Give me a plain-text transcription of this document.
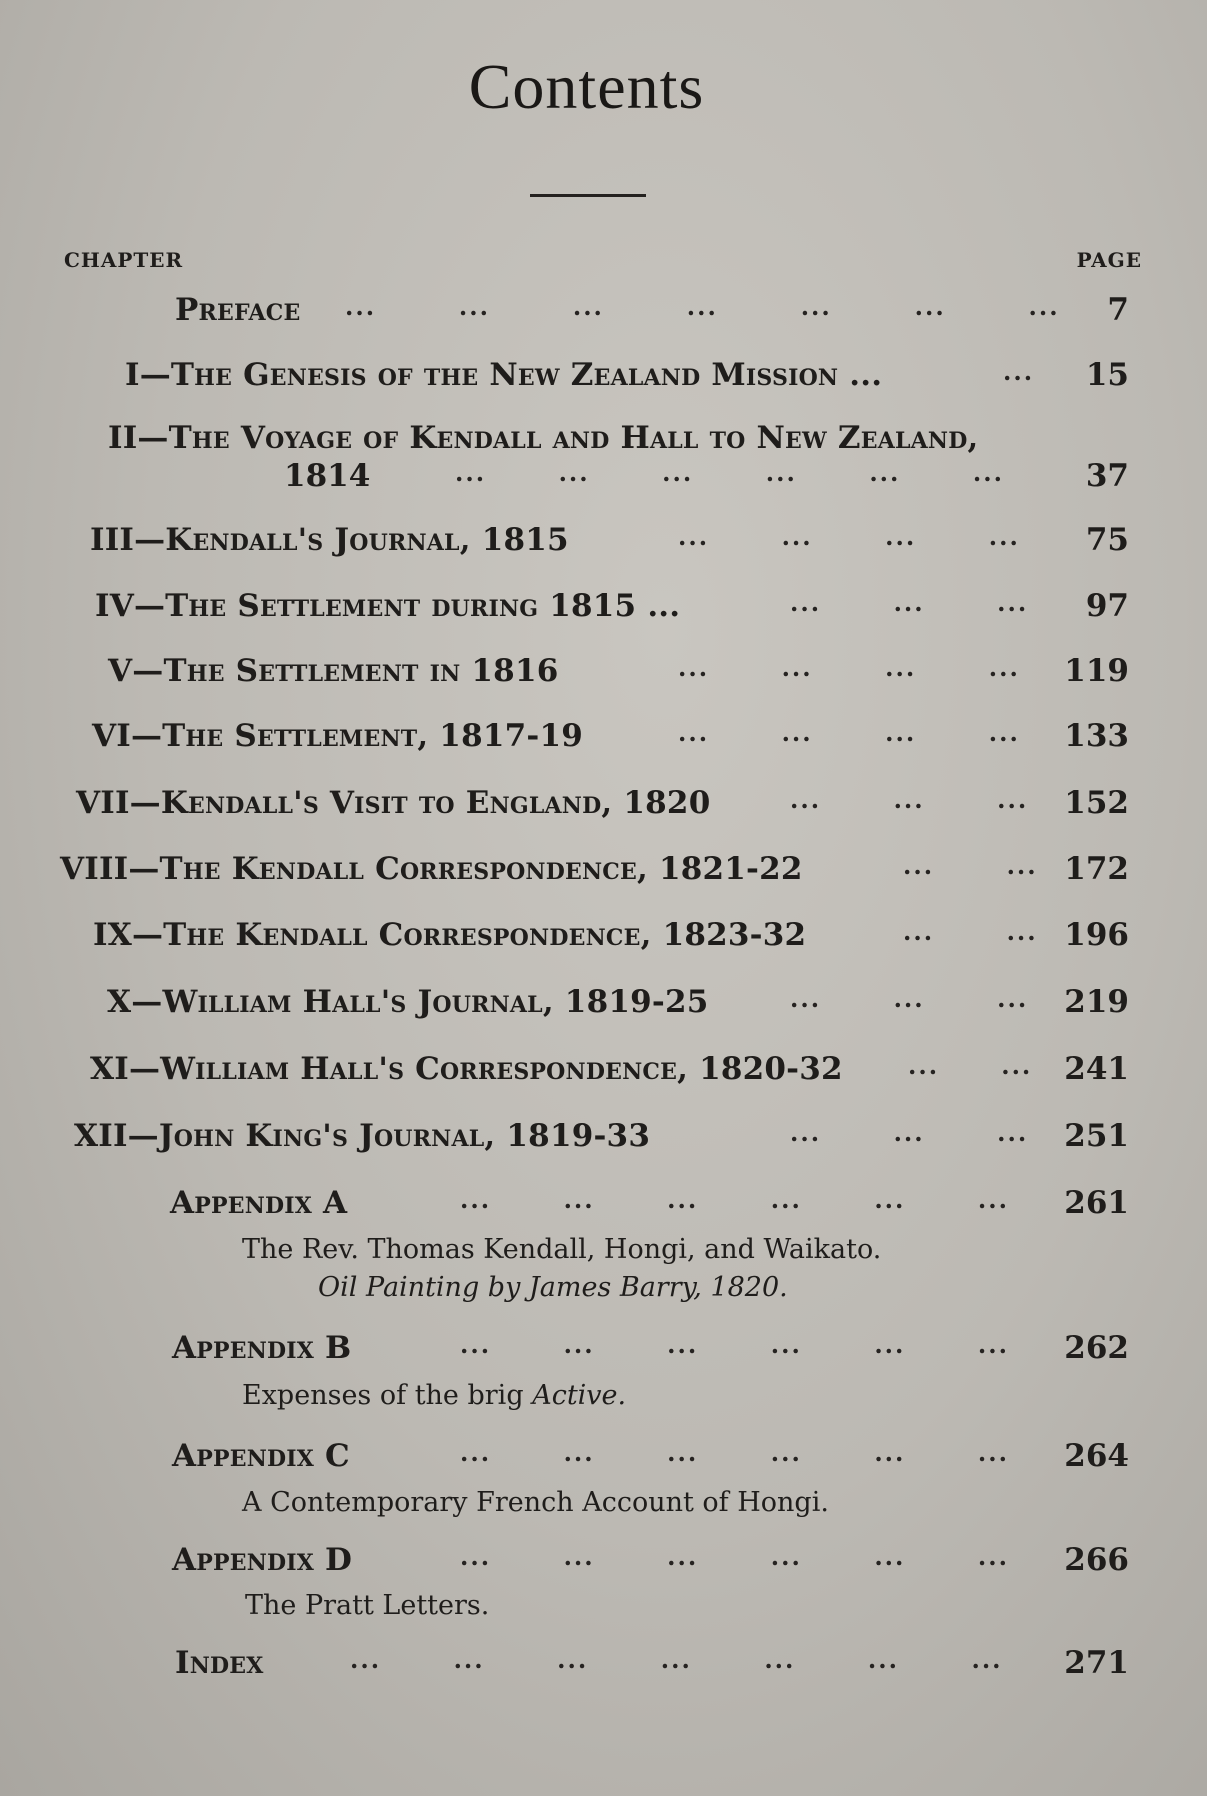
Contents
CHAPTER	PAGE
Preface ...	...	...	...	...	...	... 7
I—The Genesis of the New Zealand Mission ...	... 15
II—The Voyage of Kendall and Hall to New Zealand,
1814	...	...	...	...	...	...	37
III—Kendall's Journal, 1815	...	...	...	... 75
IV—The Settlement during 1815 ...	...	...	... 97
V—The Settlement in 1816	...	...	...	... 119
VI—The Settlement, 1817-19	...	...	...	... 133
VII—Kendall's Visit to England, 1820	...	...	... 152
VIII—The Kendall Correspondence, 1821-22	...	... 172
IX—The Kendall Correspondence, 1823-32	...	... 196
X—William Hall's Journal, 1819-25	...	...	... 219
XI—William Hall's Correspondence, 1820-32	...	... 241
XII—John King's Journal, 1819-33	...	...	... 251
Appendix A	...	...	...	...	...	... 261
The Rev. Thomas Kendall, Hongi, and Waikato.
Oil Painting by James Barry, 1820.
Appendix B	...	...	...	...	...	... 262
Expenses of the brig Active.
Appendix C	...	...	...	...	...	... 264
A Contemporary French Account of Hongi.
Appendix D	...	...	...	...	...	... 266
The Pratt Letters.
Index	...	...	...	...	...	...	... 271
